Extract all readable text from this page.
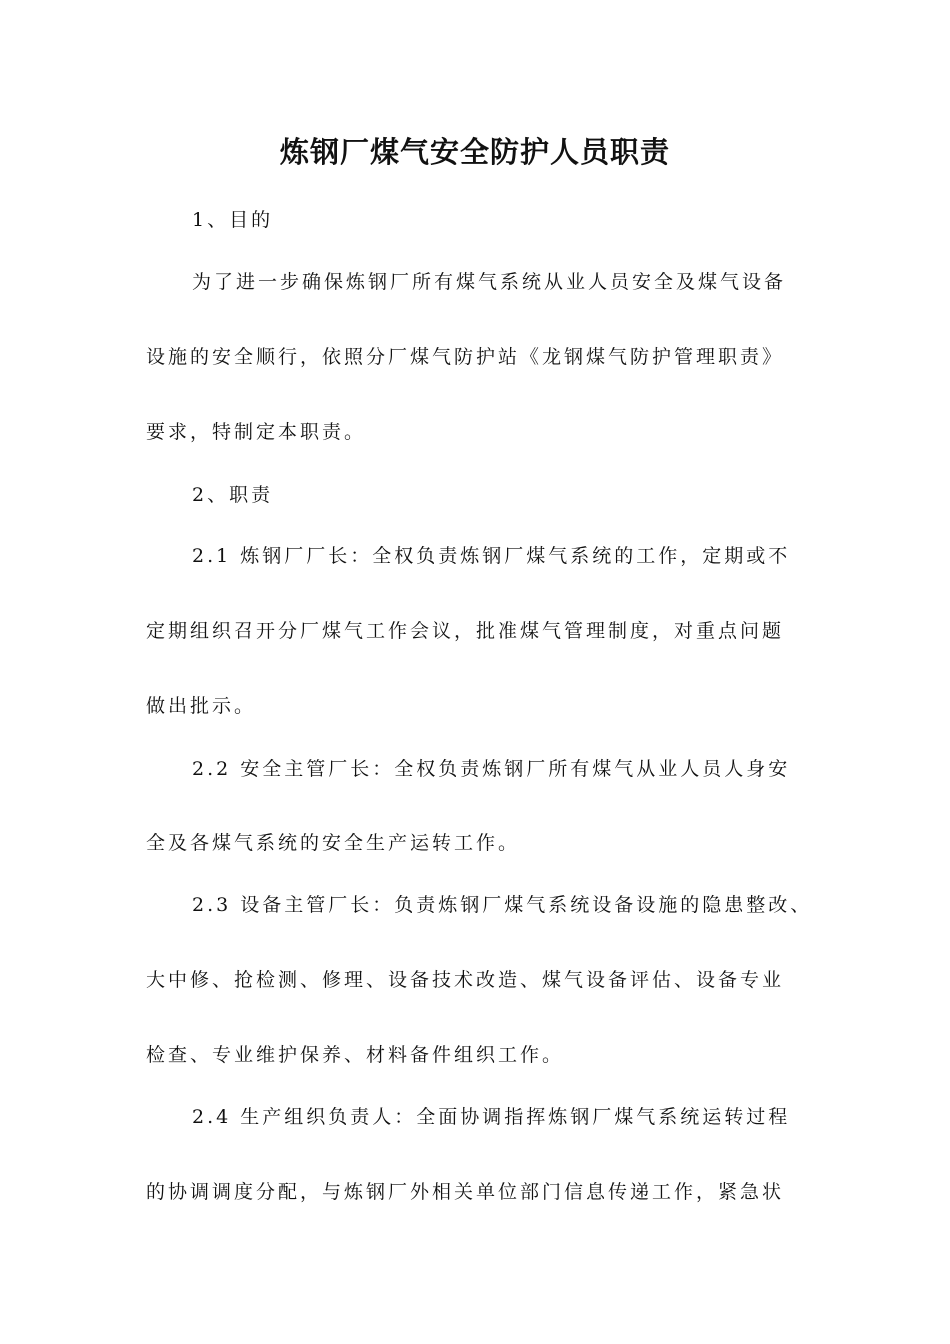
炼钢厂煤气安全防护人员职责
1、目的
为了进一步确保炼钢厂所有煤气系统从业人员安全及煤气设备
设施的安全顺行，依照分厂煤气防护站《龙钢煤气防护管理职责》
要求，特制定本职责。
2、职责
2.1 炼钢厂厂长：全权负责炼钢厂煤气系统的工作，定期或不
定期组织召开分厂煤气工作会议，批准煤气管理制度，对重点问题
做出批示。
2.2 安全主管厂长：全权负责炼钢厂所有煤气从业人员人身安
全及各煤气系统的安全生产运转工作。
2.3 设备主管厂长：负责炼钢厂煤气系统设备设施的隐患整改、
大中修、抢检测、修理、设备技术改造、煤气设备评估、设备专业
检查、专业维护保养、材料备件组织工作。
2.4 生产组织负责人：全面协调指挥炼钢厂煤气系统运转过程
的协调调度分配，与炼钢厂外相关单位部门信息传递工作，紧急状
